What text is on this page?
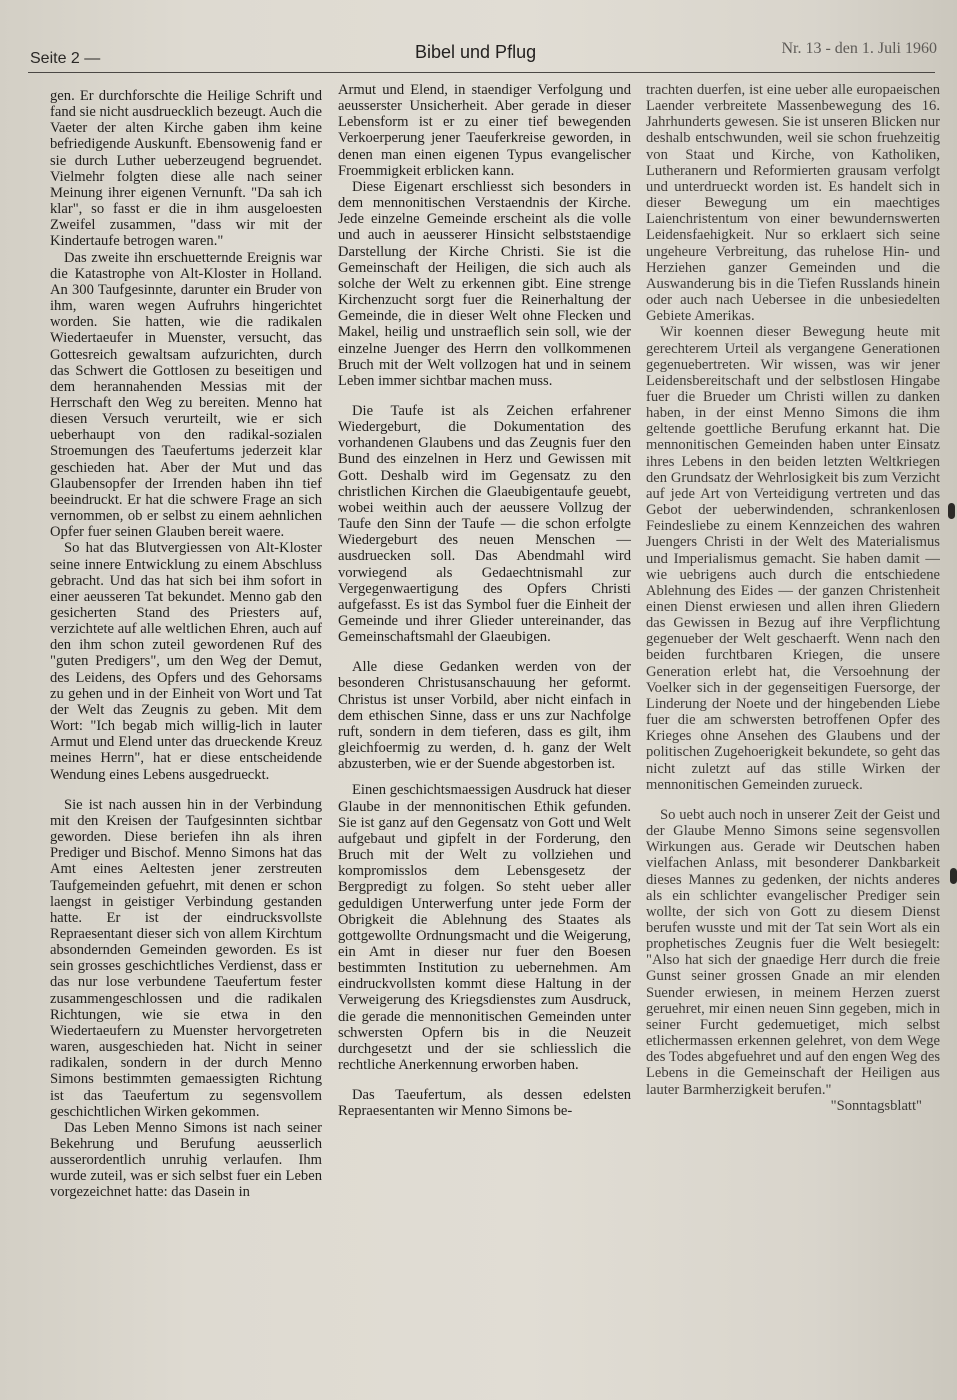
Seite 2 —	Bibel und Pflug	Nr. 13 - den 1. Juli 1960

gen. Er durchforschte die Heilige Schrift und fand sie nicht ausdruecklich bezeugt. Auch die Vaeter der alten Kirche gaben ihm keine befriedigende Auskunft. Ebensowenig fand er sie durch Luther ueberzeugend begruendet. Vielmehr folgten diese alle nach seiner Meinung ihrer eigenen Vernunft. "Da sah ich klar", so fasst er die in ihm ausgeloesten Zweifel zusammen, "dass wir mit der Kindertaufe betrogen waren."

Das zweite ihn erschuetternde Ereignis war die Katastrophe von Alt-Kloster in Holland. An 300 Taufgesinnte, darunter ein Bruder von ihm, waren wegen Aufruhrs hingerichtet worden. Sie hatten, wie die radikalen Wiedertaeufer in Muenster, versucht, das Gottesreich gewaltsam aufzurichten, durch das Schwert die Gottlosen zu beseitigen und dem herannahenden Messias mit der Herrschaft den Weg zu bereiten. Menno hat diesen Versuch verurteilt, wie er sich ueberhaupt von den radikal-sozialen Stroemungen des Taeufertums jederzeit klar geschieden hat. Aber der Mut und das Glaubensopfer der Irrenden haben ihn tief beeindruckt. Er hat die schwere Frage an sich vernommen, ob er selbst zu einem aehnlichen Opfer fuer seinen Glauben bereit waere.

So hat das Blutvergiessen von Alt-Kloster seine innere Entwicklung zu einem Abschluss gebracht. Und das hat sich bei ihm sofort in einer aeusseren Tat bekundet. Menno gab den gesicherten Stand des Priesters auf, verzichtete auf alle weltlichen Ehren, auch auf den ihm schon zuteil gewordenen Ruf des "guten Predigers", um den Weg der Demut, des Leidens, des Opfers und des Gehorsams zu gehen und in der Einheit von Wort und Tat der Welt das Zeugnis zu geben. Mit dem Wort: "Ich begab mich willig-lich in lauter Armut und Elend unter das drueckende Kreuz meines Herrn", hat er diese entscheidende Wendung eines Lebens ausgedrueckt.

Sie ist nach aussen hin in der Verbindung mit den Kreisen der Taufgesinnten sichtbar geworden. Diese beriefen ihn als ihren Prediger und Bischof. Menno Simons hat das Amt eines Aeltesten jener zerstreuten Taufgemeinden gefuehrt, mit denen er schon laengst in geistiger Verbindung gestanden hatte. Er ist der eindrucksvollste Repraesentant dieser sich von allem Kirchtum absondernden Gemeinden geworden. Es ist sein grosses geschichtliches Verdienst, dass er das nur lose verbundene Taeufertum fester zusammengeschlossen und die radikalen Richtungen, wie sie etwa in den Wiedertaeufern zu Muenster hervorgetreten waren, ausgeschieden hat. Nicht in seiner radikalen, sondern in der durch Menno Simons bestimmten gemaessigten Richtung ist das Taeufertum zu segensvollem geschichtlichen Wirken gekommen.

Das Leben Menno Simons ist nach seiner Bekehrung und Berufung aeusserlich ausserordentlich unruhig verlaufen. Ihm wurde zuteil, was er sich selbst fuer ein Leben vorgezeichnet hatte: das Dasein in

Armut und Elend, in staendiger Verfolgung und aeusserster Unsicherheit. Aber gerade in dieser Lebensform ist er zu einer tief bewegenden Verkoerperung jener Taeuferkreise geworden, in denen man einen eigenen Typus evangelischer Froemmigkeit erblicken kann.

Diese Eigenart erschliesst sich besonders in dem mennonitischen Verstaendnis der Kirche. Jede einzelne Gemeinde erscheint als die volle und auch in aeusserer Hinsicht selbststaendige Darstellung der Kirche Christi. Sie ist die Gemeinschaft der Heiligen, die sich auch als solche der Welt zu erkennen gibt. Eine strenge Kirchenzucht sorgt fuer die Reinerhaltung der Gemeinde, die in dieser Welt ohne Flecken und Makel, heilig und unstraeflich sein soll, wie der einzelne Juenger des Herrn den vollkommenen Bruch mit der Welt vollzogen hat und in seinem Leben immer sichtbar machen muss.

Die Taufe ist als Zeichen erfahrener Wiedergeburt, die Dokumentation des vorhandenen Glaubens und das Zeugnis fuer den Bund des einzelnen in Herz und Gewissen mit Gott. Deshalb wird im Gegensatz zu den christlichen Kirchen die Glaeubigentaufe geuebt, wobei weithin auch der aeussere Vollzug der Taufe den Sinn der Taufe — die schon erfolgte Wiedergeburt des neuen Menschen — ausdruecken soll. Das Abendmahl wird vorwiegend als Gedaechtnismahl zur Vergegenwaertigung des Opfers Christi aufgefasst. Es ist das Symbol fuer die Einheit der Gemeinde und ihrer Glieder untereinander, das Gemeinschaftsmahl der Glaeubigen.

Alle diese Gedanken werden von der besonderen Christusanschauung her geformt. Christus ist unser Vorbild, aber nicht einfach in dem ethischen Sinne, dass er uns zur Nachfolge ruft, sondern in dem tieferen, dass es gilt, ihm gleichfoermig zu werden, d. h. ganz der Welt abzusterben, wie er der Suende abgestorben ist.

Einen geschichtsmaessigen Ausdruck hat dieser Glaube in der mennonitischen Ethik gefunden. Sie ist ganz auf den Gegensatz von Gott und Welt aufgebaut und gipfelt in der Forderung, den Bruch mit der Welt zu vollziehen und kompromisslos dem Lebensgesetz der Bergpredigt zu folgen. So steht ueber aller geduldigen Unterwerfung unter jede Form der Obrigkeit die Ablehnung des Staates als gottgewollte Ordnungsmacht und die Weigerung, ein Amt in dieser nur fuer den Boesen bestimmten Institution zu uebernehmen. Am eindruckvollsten kommt diese Haltung in der Verweigerung des Kriegsdienstes zum Ausdruck, die gerade die mennonitischen Gemeinden unter schwersten Opfern bis in die Neuzeit durchgesetzt und der sie schliesslich die rechtliche Anerkennung erworben haben.

Das Taeufertum, als dessen edelsten Repraesentanten wir Menno Simons be-

trachten duerfen, ist eine ueber alle europaeischen Laender verbreitete Massenbewegung des 16. Jahrhunderts gewesen. Sie ist unseren Blicken nur deshalb entschwunden, weil sie schon fruehzeitig von Staat und Kirche, von Katholiken, Lutheranern und Reformierten grausam verfolgt und unterdrueckt worden ist. Es handelt sich in dieser Bewegung um ein maechtiges Laienchristentum von einer bewundernswerten Leidensfaehigkeit. Nur so erklaert sich seine ungeheure Verbreitung, das ruhelose Hin- und Herziehen ganzer Gemeinden und die Auswanderung bis in die Tiefen Russlands hinein oder auch nach Uebersee in die unbesiedelten Gebiete Amerikas.

Wir koennen dieser Bewegung heute mit gerechterem Urteil als vergangene Generationen gegenuebertreten. Wir wissen, was wir jener Leidensbereitschaft und der selbstlosen Hingabe fuer die Brueder um Christi willen zu danken haben, in der einst Menno Simons die ihm geltende goettliche Berufung erkannt hat. Die mennonitischen Gemeinden haben unter Einsatz ihres Lebens in den beiden letzten Weltkriegen den Grundsatz der Wehrlosigkeit bis zum Verzicht auf jede Art von Verteidigung vertreten und das Gebot der ueberwindenden, schrankenlosen Feindesliebe zu einem Kennzeichen des wahren Juengers Christi in der Welt des Materialismus und Imperialismus gemacht. Sie haben damit — wie uebrigens auch durch die entschiedene Ablehnung des Eides — der ganzen Christenheit einen Dienst erwiesen und allen ihren Gliedern das Gewissen in Bezug auf ihre Verpflichtung gegenueber der Welt geschaerft. Wenn nach den beiden furchtbaren Kriegen, die unsere Generation erlebt hat, die Versoehnung der Voelker sich in der gegenseitigen Fuersorge, der Linderung der Noete und der hingebenden Liebe fuer die am schwersten betroffenen Opfer des Krieges ohne Ansehen des Glaubens und der politischen Zugehoerigkeit bekundete, so geht das nicht zuletzt auf das stille Wirken der mennonitischen Gemeinden zurueck.

So uebt auch noch in unserer Zeit der Geist und der Glaube Menno Simons seine segensvollen Wirkungen aus. Gerade wir Deutschen haben vielfachen Anlass, mit besonderer Dankbarkeit dieses Mannes zu gedenken, der nichts anderes als ein schlichter evangelischer Prediger sein wollte, der sich von Gott zu diesem Dienst berufen wusste und mit der Tat sein Wort als ein prophetisches Zeugnis fuer die Welt besiegelt: "Also hat sich der gnaedige Herr durch die freie Gunst seiner grossen Gnade an mir elenden Suender erwiesen, in meinem Herzen zuerst geruehret, mir einen neuen Sinn gegeben, mich in seiner Furcht gedemuetiget, mich selbst etlichermassen erkennen gelehret, von dem Wege des Todes abgefuehret und auf den engen Weg des Lebens in die Gemeinschaft der Heiligen aus lauter Barmherzigkeit berufen."

"Sonntagsblatt"
